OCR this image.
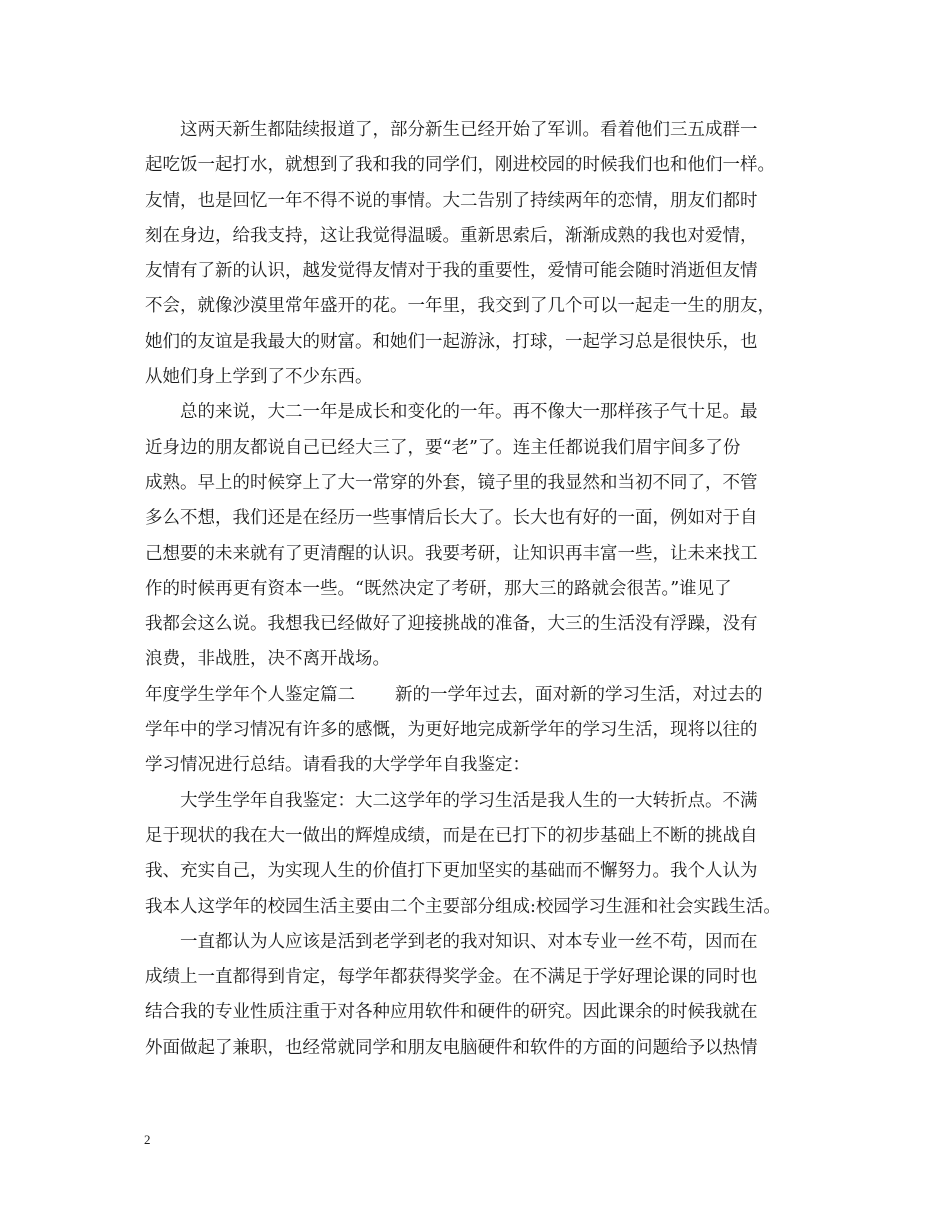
　　这两天新生都陆续报道了，部分新生已经开始了军训。看着他们三五成群一
起吃饭一起打水，就想到了我和我的同学们，刚进校园的时候我们也和他们一样。
友情，也是回忆一年不得不说的事情。大二告别了持续两年的恋情，朋友们都时
刻在身边，给我支持，这让我觉得温暖。重新思索后，渐渐成熟的我也对爱情，
友情有了新的认识，越发觉得友情对于我的重要性，爱情可能会随时消逝但友情
不会，就像沙漠里常年盛开的花。一年里，我交到了几个可以一起走一生的朋友，
她们的友谊是我最大的财富。和她们一起游泳，打球，一起学习总是很快乐，也
从她们身上学到了不少东西。
　　总的来说，大二一年是成长和变化的一年。再不像大一那样孩子气十足。最
近身边的朋友都说自己已经大三了，要“老”了。连主任都说我们眉宇间多了份
成熟。早上的时候穿上了大一常穿的外套，镜子里的我显然和当初不同了，不管
多么不想，我们还是在经历一些事情后长大了。长大也有好的一面，例如对于自
己想要的未来就有了更清醒的认识。我要考研，让知识再丰富一些，让未来找工
作的时候再更有资本一些。“既然决定了考研，那大三的路就会很苦。”谁见了
我都会这么说。我想我已经做好了迎接挑战的准备，大三的生活没有浮躁，没有
浪费，非战胜，决不离开战场。
年度学生学年个人鉴定篇二 新的一学年过去，面对新的学习生活，对过去的
学年中的学习情况有许多的感慨，为更好地完成新学年的学习生活，现将以往的
学习情况进行总结。请看我的大学学年自我鉴定：
　　大学生学年自我鉴定：大二这学年的学习生活是我人生的一大转折点。不满
足于现状的我在大一做出的辉煌成绩，而是在已打下的初步基础上不断的挑战自
我、充实自己，为实现人生的价值打下更加坚实的基础而不懈努力。我个人认为
我本人这学年的校园生活主要由二个主要部分组成:校园学习生涯和社会实践生活。
　　一直都认为人应该是活到老学到老的我对知识、对本专业一丝不苟，因而在
成绩上一直都得到肯定，每学年都获得奖学金。在不满足于学好理论课的同时也
结合我的专业性质注重于对各种应用软件和硬件的研究。因此课余的时候我就在
外面做起了兼职，也经常就同学和朋友电脑硬件和软件的方面的问题给予以热情
2
